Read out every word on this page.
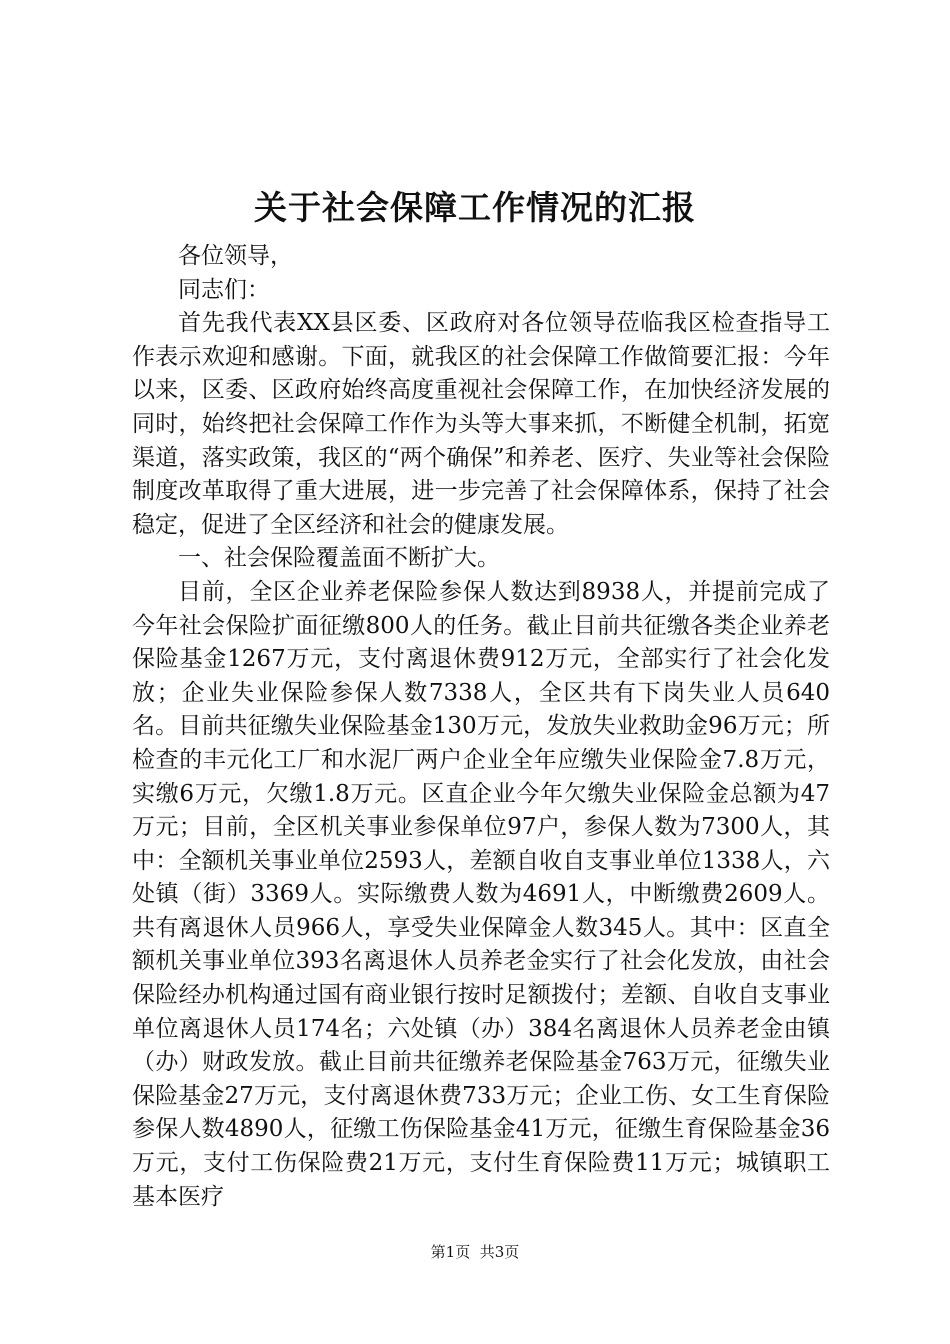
关于社会保障工作情况的汇报

各位领导，

同志们：

首先我代表XX县区委、区政府对各位领导莅临我区检查指导工作表示欢迎和感谢。下面，就我区的社会保障工作做简要汇报：今年以来，区委、区政府始终高度重视社会保障工作，在加快经济发展的同时，始终把社会保障工作作为头等大事来抓，不断健全机制，拓宽渠道，落实政策，我区的“两个确保”和养老、医疗、失业等社会保险制度改革取得了重大进展，进一步完善了社会保障体系，保持了社会稳定，促进了全区经济和社会的健康发展。

一、社会保险覆盖面不断扩大。

目前，全区企业养老保险参保人数达到8938人，并提前完成了今年社会保险扩面征缴800人的任务。截止目前共征缴各类企业养老保险基金1267万元，支付离退休费912万元，全部实行了社会化发放；企业失业保险参保人数7338人，全区共有下岗失业人员640名。目前共征缴失业保险基金130万元，发放失业救助金96万元；所检查的丰元化工厂和水泥厂两户企业全年应缴失业保险金7.8万元，实缴6万元，欠缴1.8万元。区直企业今年欠缴失业保险金总额为47万元；目前，全区机关事业参保单位97户，参保人数为7300人，其中：全额机关事业单位2593人，差额自收自支事业单位1338人，六处镇（街）3369人。实际缴费人数为4691人，中断缴费2609人。共有离退休人员966人，享受失业保障金人数345人。其中：区直全额机关事业单位393名离退休人员养老金实行了社会化发放，由社会保险经办机构通过国有商业银行按时足额拨付；差额、自收自支事业单位离退休人员174名；六处镇（办）384名离退休人员养老金由镇（办）财政发放。截止目前共征缴养老保险基金763万元，征缴失业保险基金27万元，支付离退休费733万元；企业工伤、女工生育保险参保人数4890人，征缴工伤保险基金41万元，征缴生育保险基金36万元，支付工伤保险费21万元，支付生育保险费11万元；城镇职工基本医疗

第1页 共3页
